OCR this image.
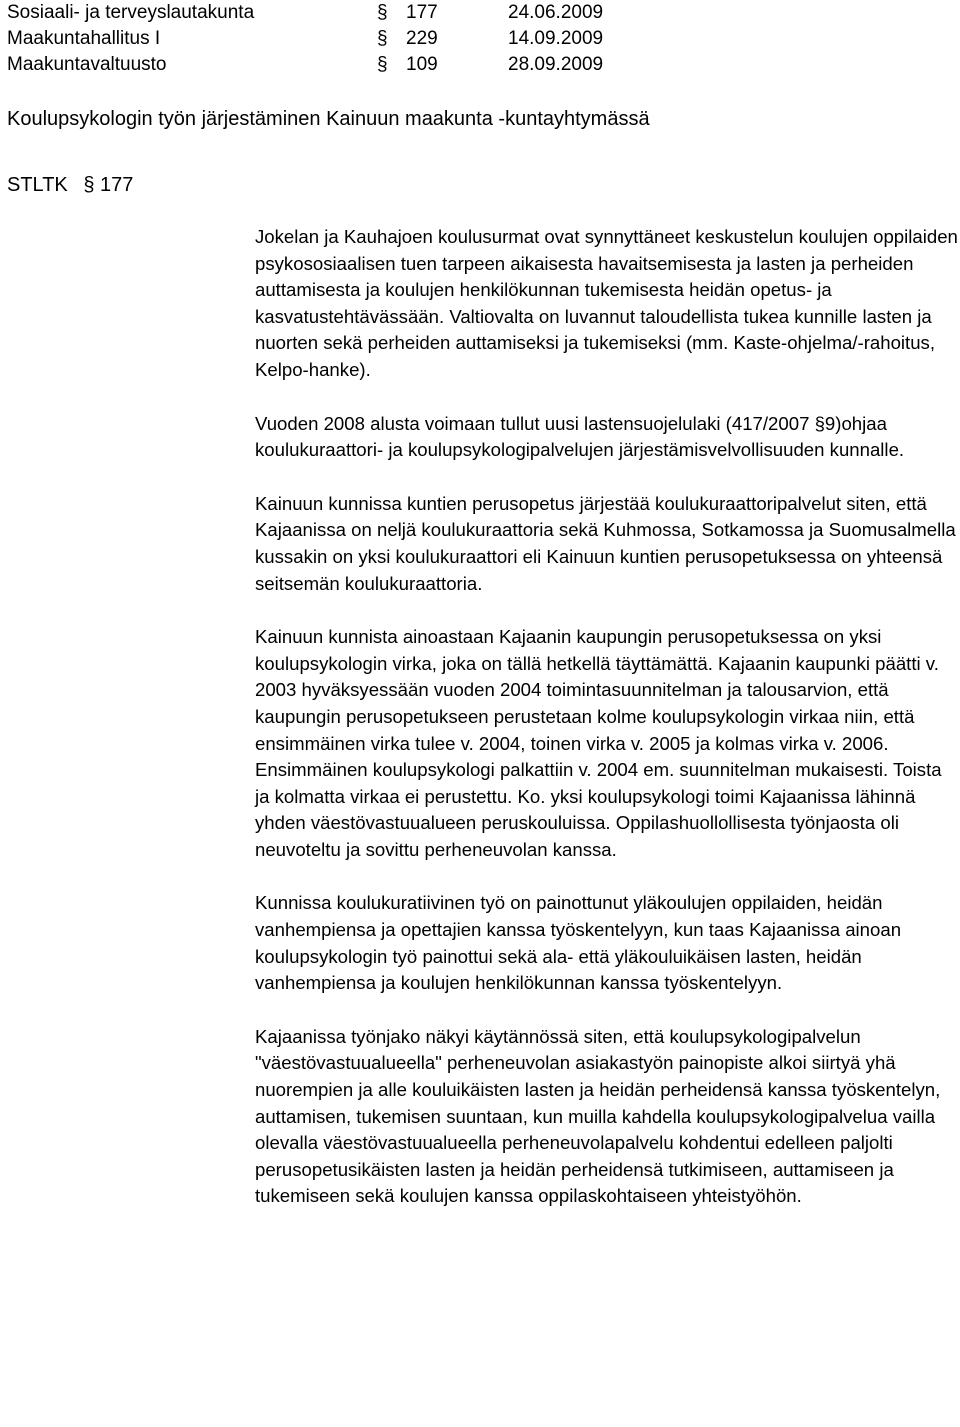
Sosiaali- ja terveyslautakunta	§ 177	24.06.2009
Maakuntahallitus I	§ 229	14.09.2009
Maakuntavaltuusto	§ 109	28.09.2009
Koulupsykologin työn järjestäminen Kainuun maakunta -kuntayhtymässä
STLTK § 177

Jokelan ja Kauhajoen koulusurmat ovat synnyttäneet keskustelun koulujen oppilaiden psykososiaalisen tuen tarpeen aikaisesta havaitsemisesta ja lasten ja perheiden auttamisesta ja koulujen henkilökunnan tukemisesta heidän opetus- ja kasvatustehtävässään. Valtiovalta on luvannut taloudellista tukea kunnille lasten ja nuorten sekä perheiden auttamiseksi ja tukemiseksi (mm. Kaste-ohjelma/-rahoitus, Kelpo-hanke).

Vuoden 2008 alusta voimaan tullut uusi lastensuojelulaki (417/2007 §9)ohjaa koulukuraattori- ja koulupsykologipalvelujen järjestämisvelvollisuuden kunnalle.

Kainuun kunnissa kuntien perusopetus järjestää koulukuraattoripalvelut siten, että Kajaanissa on neljä koulukuraattoria sekä Kuhmossa, Sotkamossa ja Suomusalmella kussakin on yksi koulukuraattori eli Kainuun kuntien perusopetuksessa on yhteensä seitsemän koulukuraattoria.

Kainuun kunnista ainoastaan Kajaanin kaupungin perusopetuksessa on yksi koulupsykologin virka, joka on tällä hetkellä täyttämättä. Kajaanin kaupunki päätti v. 2003 hyväksyessään vuoden 2004 toimintasuunnitelman ja talousarvion, että kaupungin perusopetukseen perustetaan kolme koulupsykologin virkaa niin, että ensimmäinen virka tulee v. 2004, toinen virka v. 2005 ja kolmas virka v. 2006. Ensimmäinen koulupsykologi palkattiin v. 2004 em. suunnitelman mukaisesti. Toista ja kolmatta virkaa ei perustettu. Ko. yksi koulupsykologi toimi Kajaanissa lähinnä yhden väestövastuualueen peruskouluissa. Oppilashuollollisesta työnjaosta oli neuvoteltu ja sovittu perheneuvolan kanssa.

Kunnissa koulukuratiivinen työ on painottunut yläkoulujen oppilaiden, heidän vanhempiensa ja opettajien kanssa työskentelyyn, kun taas Kajaanissa ainoan koulupsykologin työ painottui sekä ala- että yläkouluikäisen lasten, heidän vanhempiensa ja koulujen henkilökunnan kanssa työskentelyyn.

Kajaanissa työnjako näkyi käytännössä siten, että koulupsykologipalvelun "väestövastuualueella" perheneuvolan asiakastyön painopiste alkoi siirtyä yhä nuorempien ja alle kouluikäisten lasten ja heidän perheidensä kanssa työskentelyn, auttamisen, tukemisen suuntaan, kun muilla kahdella koulupsykologipalvelua vailla olevalla väestövastuualueella perheneuvolapalvelu kohdentui edelleen paljolti perusopetusikäisten lasten ja heidän perheidensä tutkimiseen, auttamiseen ja tukemiseen sekä koulujen kanssa oppilaskohtaiseen yhteistyöhön.
